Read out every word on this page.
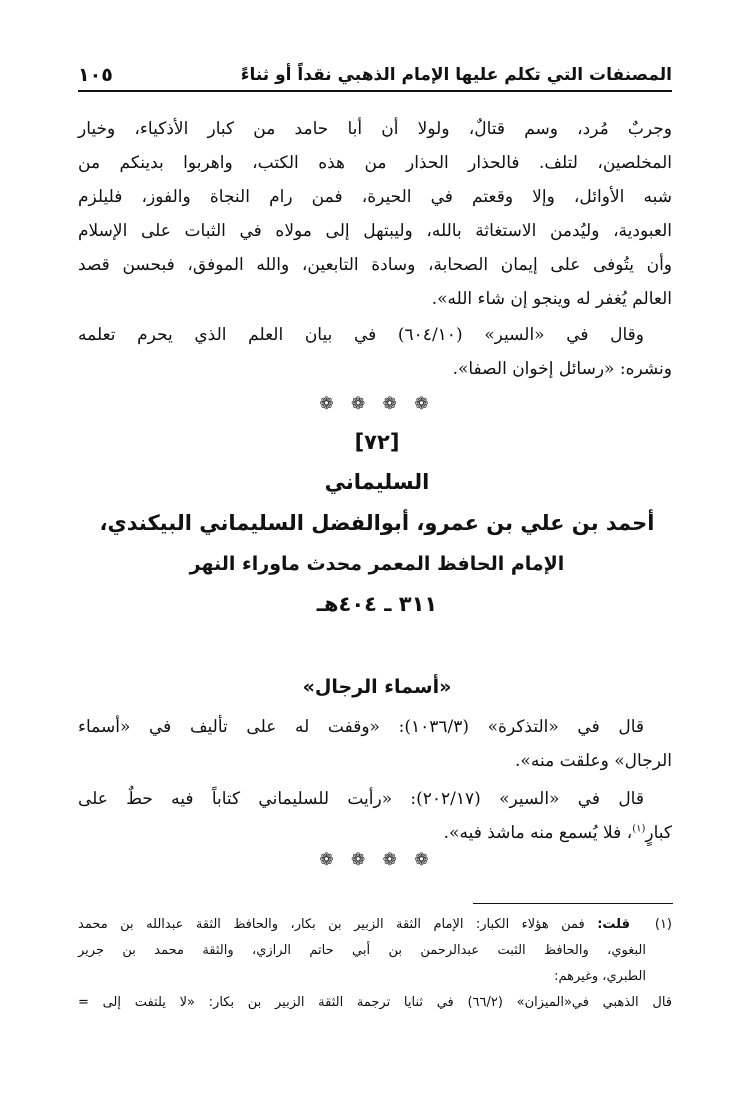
المصنفات التي تكلم عليها الإمام الذهبي نقداً أو ثناءً
١٠٥

وجربٌ مُرد، وسم قتالٌ، ولولا أن أبا حامد من كبار الأذكياء، وخيار

المخلصين، لتلف. فالحذار الحذار من هذه الكتب، واهربوا بدينكم من

شبه الأوائل، وإلا وقعتم في الحيرة، فمن رام النجاة والفوز، فليلزم

العبودية، وليُدمن الاستغاثة بالله، وليبتهل إلى مولاه في الثبات على الإسلام

وأن يتُوفى على إيمان الصحابة، وسادة التابعين، والله الموفق، فبحسن قصد

العالم يُغفر له وينجو إن شاء الله».

وقال في «السير» (٦٠٤/١٠) في بيان العلم الذي يحرم تعلمه

ونشره: «رسائل إخوان الصفا».

❁ ❁ ❁ ❁
[٧٢]
السليماني
أحمد بن علي بن عمرو، أبوالفضل السليماني البيكندي،
الإمام الحافظ المعمر محدث ماوراء النهر
٣١١ ـ ٤٠٤هـ
«أسماء الرجال»

قال في «التذكرة» (١٠٣٦/٣): «وقفت له على تأليف في «أسماء

الرجال» وعلقت منه».

قال في «السير» (٢٠٢/١٧): «رأيت للسليماني كتاباً فيه حطٌ على

كبارٍ$^{(١)}$، فلا يُسمع منه ماشذ فيه».

❁ ❁ ❁ ❁

(١)  قلت: فمن هؤلاء الكبار: الإمام الثقة الزبير بن بكار، والحافظ الثقة عبدالله بن محمد

البغوي، والحافظ الثبت عبدالرحمن بن أبي حاتم الرازي، والثقة محمد بن جرير

الطبري، وغيرهم:

قال الذهبي في«الميزان» (٦٦/٢) في ثنايا ترجمة الثقة الزبير بن بكار: «لا يلتفت إلى =
